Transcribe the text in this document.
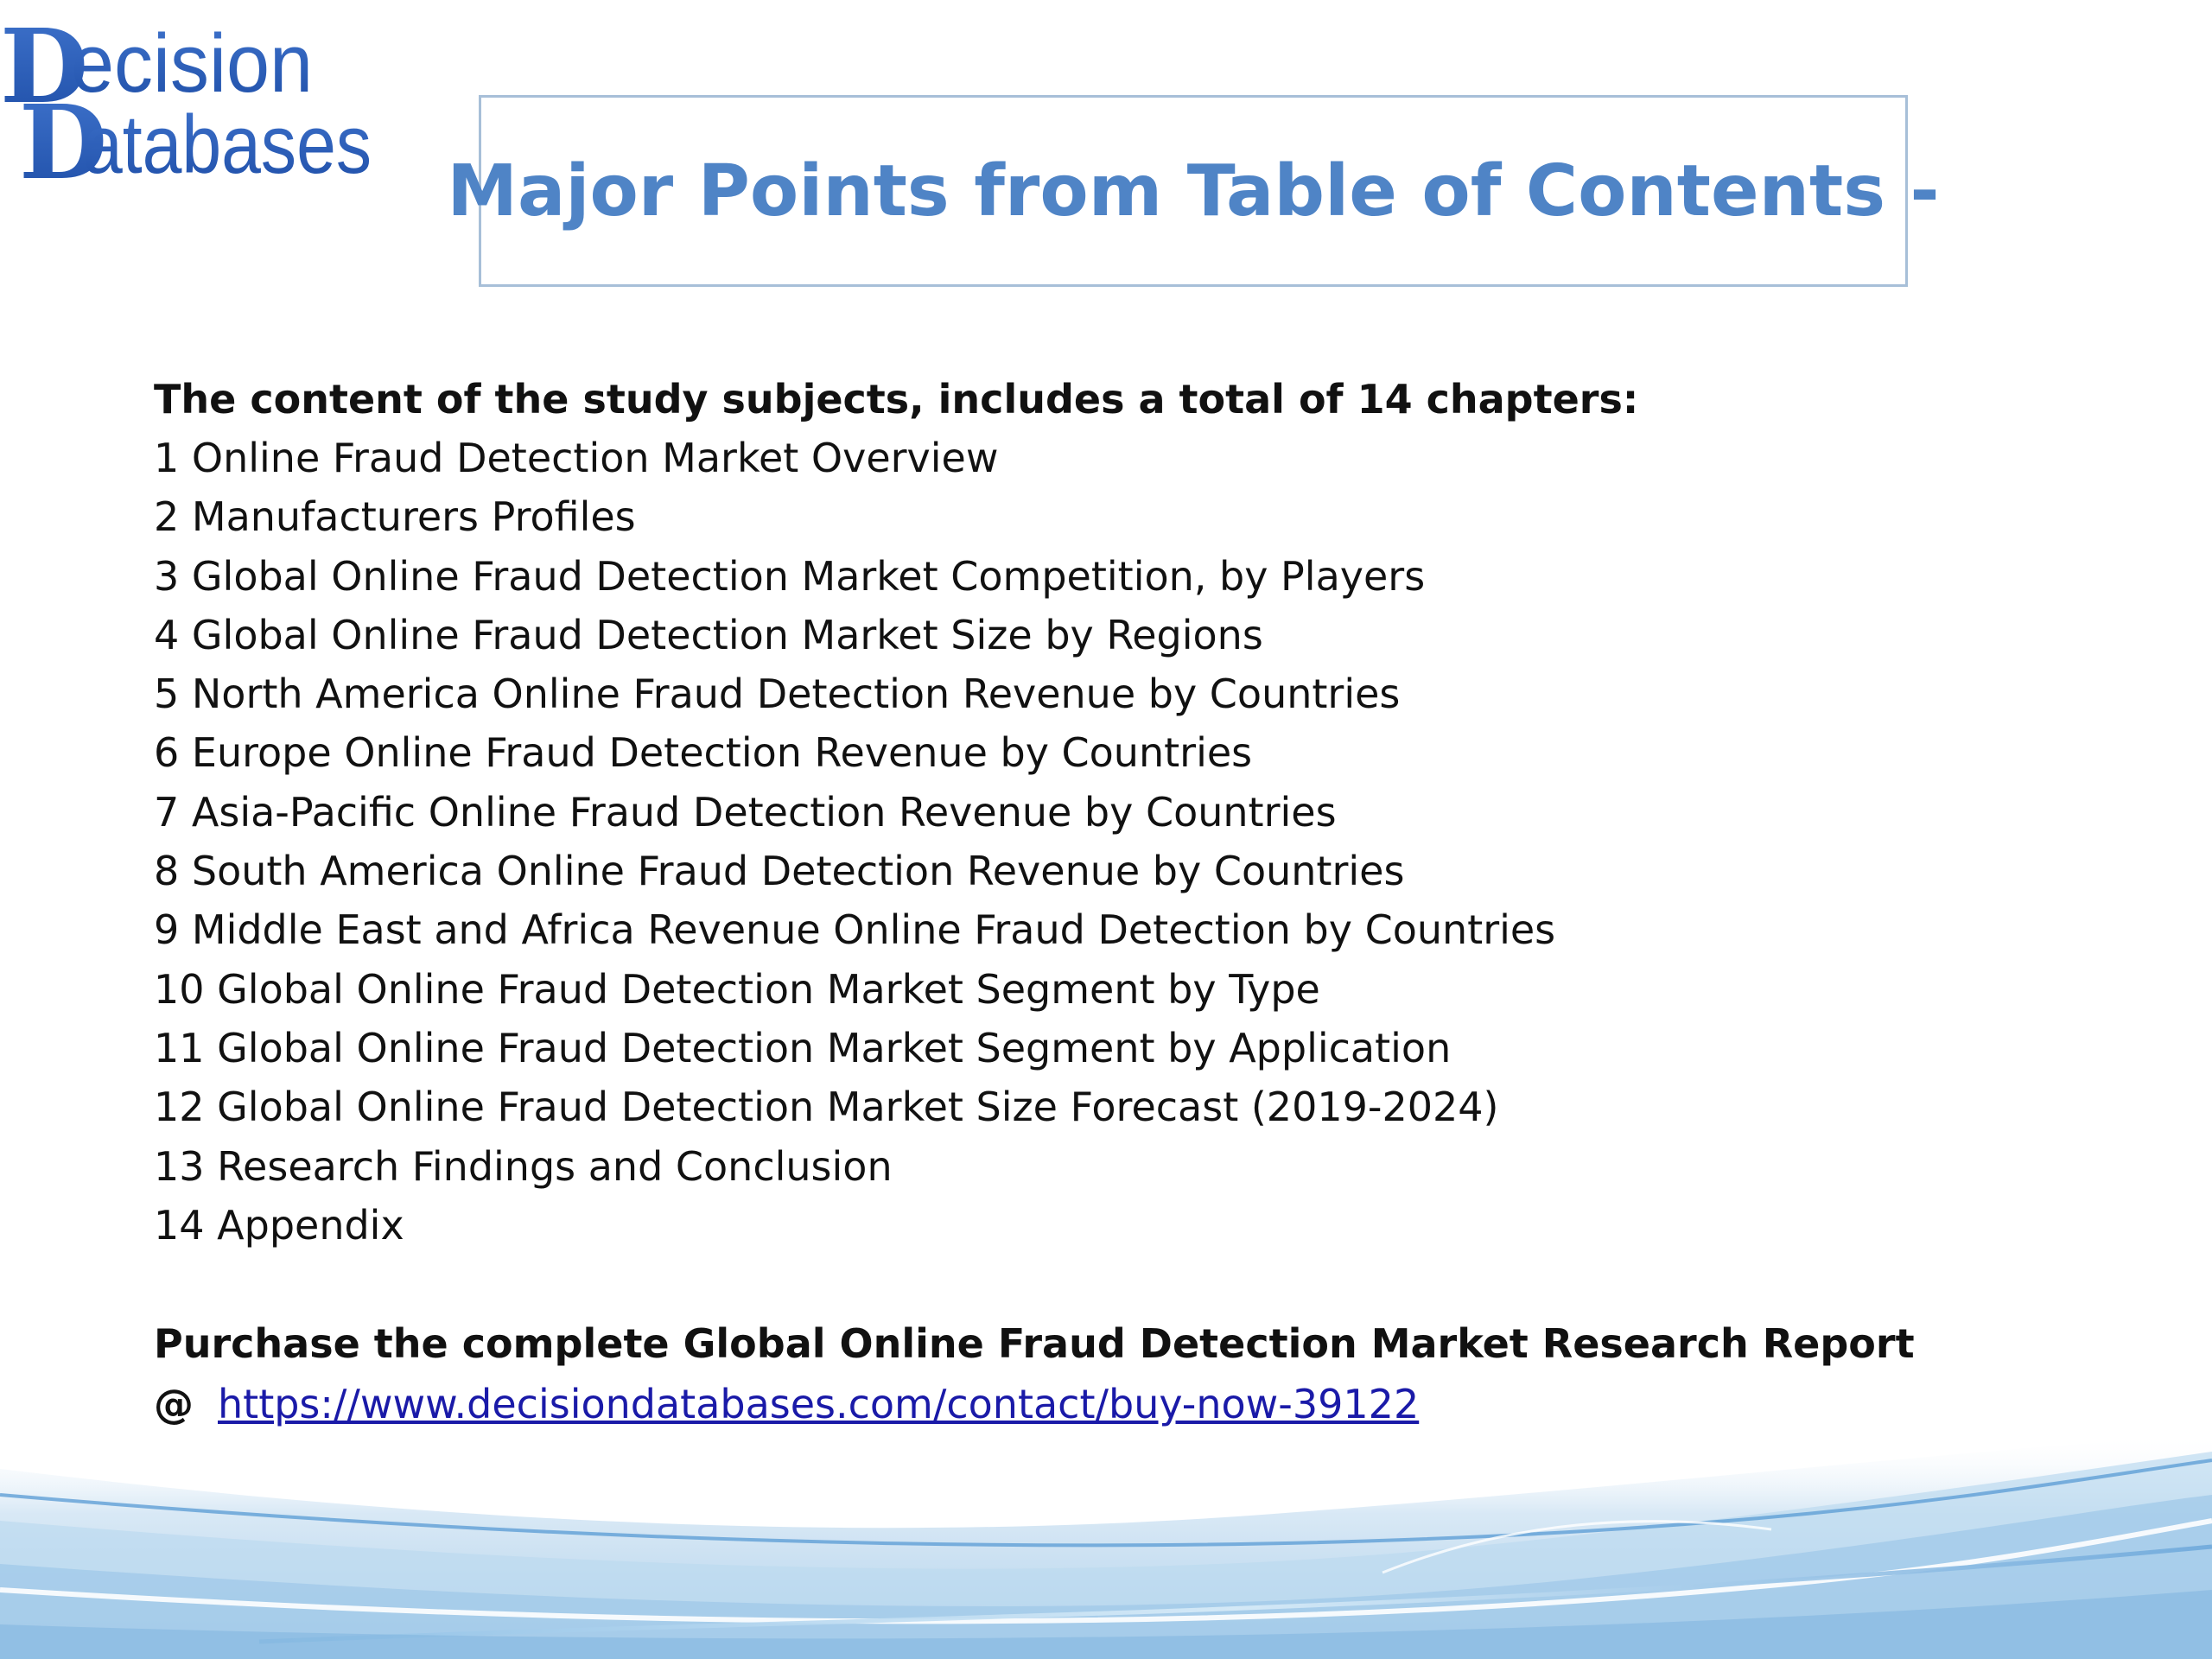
D
D
ecision
atabases Major Points from Table of Contents -
The content of the study subjects, includes a total of 14 chapters:
1 Online Fraud Detection Market Overview
2 Manufacturers Profiles
3 Global Online Fraud Detection Market Competition, by Players
4 Global Online Fraud Detection Market Size by Regions
5 North America Online Fraud Detection Revenue by Countries
6 Europe Online Fraud Detection Revenue by Countries
7 Asia-Pacific Online Fraud Detection Revenue by Countries
8 South America Online Fraud Detection Revenue by Countries
9 Middle East and Africa Revenue Online Fraud Detection by Countries
10 Global Online Fraud Detection Market Segment by Type
11 Global Online Fraud Detection Market Segment by Application
12 Global Online Fraud Detection Market Size Forecast (2019-2024)
13 Research Findings and Conclusion
14 Appendix
Purchase the complete Global Online Fraud Detection Market Research Report
@ https://www.decisiondatabases.com/contact/buy-now-39122
